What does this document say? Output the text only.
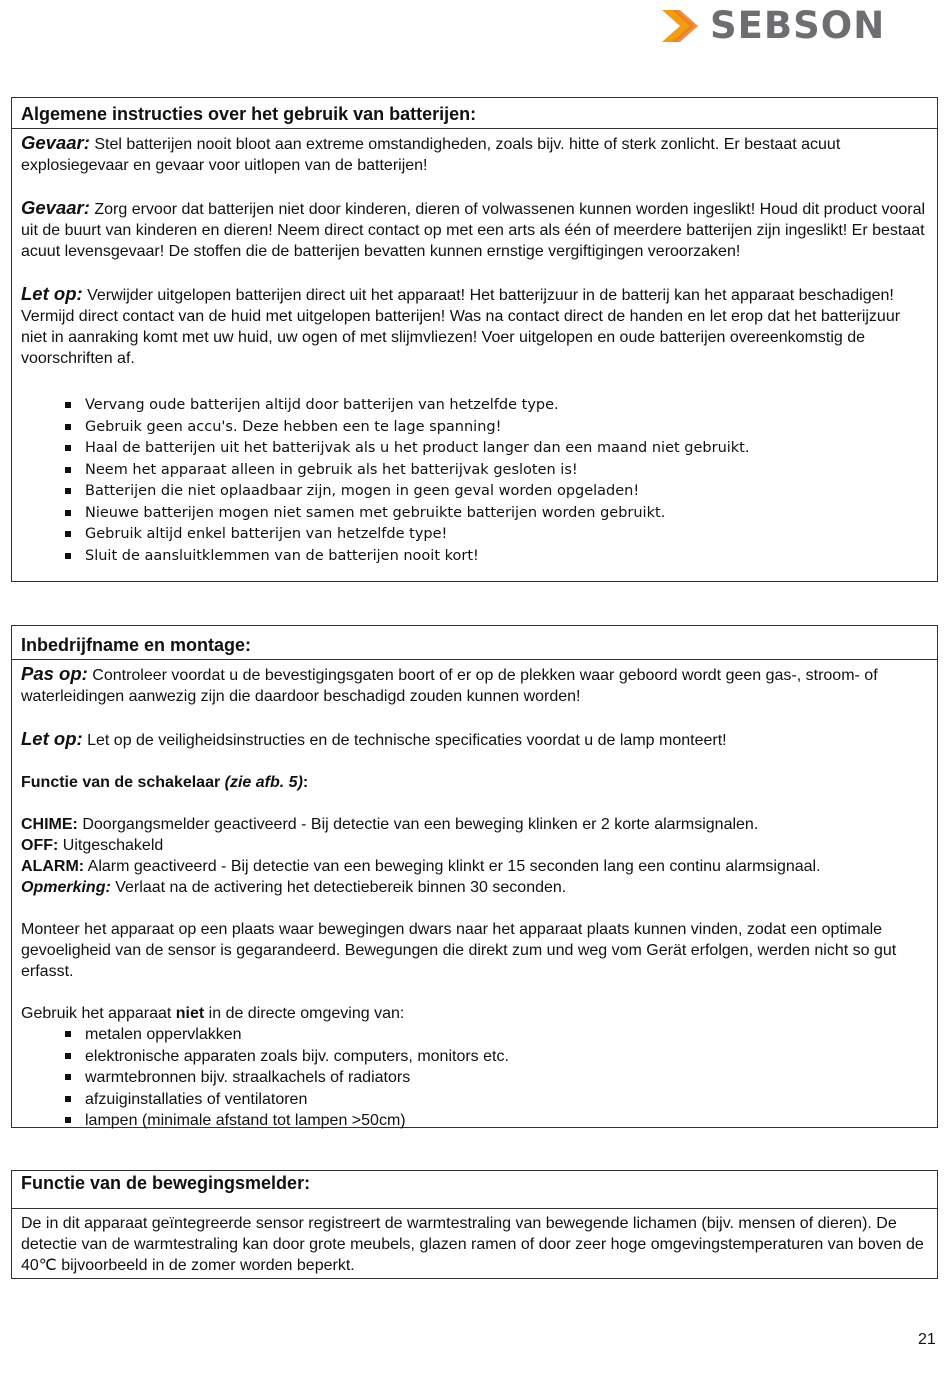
SEBSON
Algemene instructies over het gebruik van batterijen:

Gevaar: Stel batterijen nooit bloot aan extreme omstandigheden, zoals bijv. hitte of sterk zonlicht. Er bestaat acuut explosiegevaar en gevaar voor uitlopen van de batterijen!

Gevaar: Zorg ervoor dat batterijen niet door kinderen, dieren of volwassenen kunnen worden ingeslikt! Houd dit product vooral uit de buurt van kinderen en dieren! Neem direct contact op met een arts als één of meerdere batterijen zijn ingeslikt! Er bestaat acuut levensgevaar! De stoffen die de batterijen bevatten kunnen ernstige vergiftigingen veroorzaken!

Let op: Verwijder uitgelopen batterijen direct uit het apparaat! Het batterijzuur in de batterij kan het apparaat beschadigen! Vermijd direct contact van de huid met uitgelopen batterijen! Was na contact direct de handen en let erop dat het batterijzuur niet in aanraking komt met uw huid, uw ogen of met slijmvliezen! Voer uitgelopen en oude batterijen overeenkomstig de voorschriften af.

Vervang oude batterijen altijd door batterijen van hetzelfde type.
Gebruik geen accu's. Deze hebben een te lage spanning!
Haal de batterijen uit het batterijvak als u het product langer dan een maand niet gebruikt.
Neem het apparaat alleen in gebruik als het batterijvak gesloten is!
Batterijen die niet oplaadbaar zijn, mogen in geen geval worden opgeladen!
Nieuwe batterijen mogen niet samen met gebruikte batterijen worden gebruikt.
Gebruik altijd enkel batterijen van hetzelfde type!
Sluit de aansluitklemmen van de batterijen nooit kort!
Inbedrijfname en montage:

Pas op: Controleer voordat u de bevestigingsgaten boort of er op de plekken waar geboord wordt geen gas-, stroom- of waterleidingen aanwezig zijn die daardoor beschadigd zouden kunnen worden!

Let op: Let op de veiligheidsinstructies en de technische specificaties voordat u de lamp monteert!

Functie van de schakelaar (zie afb. 5):

CHIME: Doorgangsmelder geactiveerd - Bij detectie van een beweging klinken er 2 korte alarmsignalen.

OFF: Uitgeschakeld

ALARM: Alarm geactiveerd - Bij detectie van een beweging klinkt er 15 seconden lang een continu alarmsignaal.

Opmerking: Verlaat na de activering het detectiebereik binnen 30 seconden.

Monteer het apparaat op een plaats waar bewegingen dwars naar het apparaat plaats kunnen vinden, zodat een optimale gevoeligheid van de sensor is gegarandeerd. Bewegungen die direkt zum und weg vom Gerät erfolgen, werden nicht so gut erfasst.

Gebruik het apparaat niet in de directe omgeving van:

metalen oppervlakken
elektronische apparaten zoals bijv. computers, monitors etc.
warmtebronnen bijv. straalkachels of radiators
afzuiginstallaties of ventilatoren
lampen (minimale afstand tot lampen >50cm)
Functie van de bewegingsmelder:

De in dit apparaat geïntegreerde sensor registreert de warmtestraling van bewegende lichamen (bijv. mensen of dieren). De detectie van de warmtestraling kan door grote meubels, glazen ramen of door zeer hoge omgevingstemperaturen van boven de 40℃ bijvoorbeeld in de zomer worden beperkt.

21
